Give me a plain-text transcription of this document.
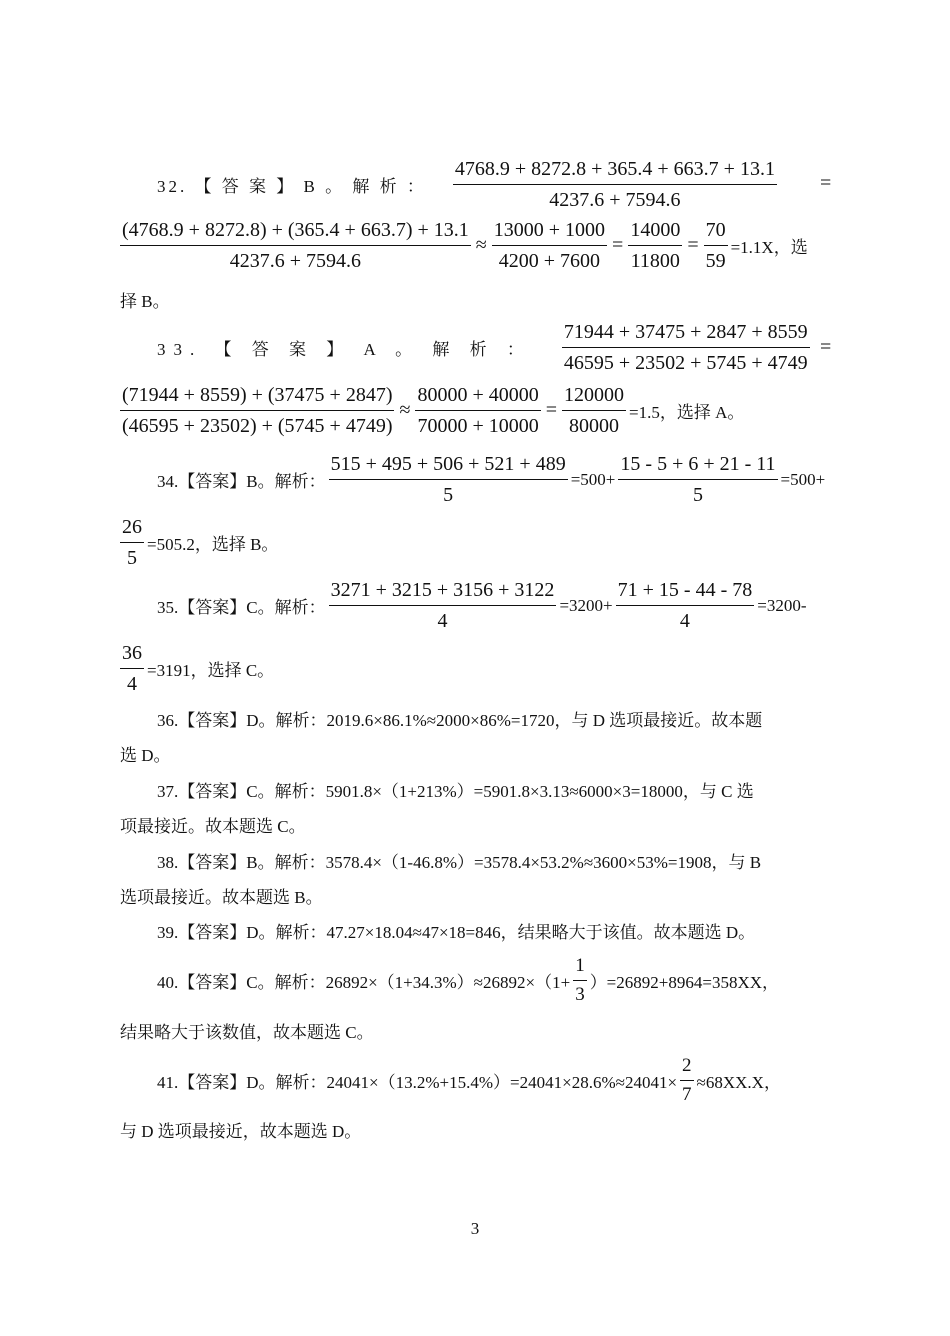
32. 【 答 案 】 B 。 解 析 ： $\frac{4768.9 + 8272.8 + 365.4 + 663.7 + 13.1}{4237.6 + 7594.6}$ =
$\frac{(4768.9 + 8272.8) + (365.4 + 663.7) + 13.1}{4237.6 + 7594.6} \approx \frac{13000 + 1000}{4200 + 7600} = \frac{14000}{11800} = \frac{70}{59} =1.1X$，选
择 B。
33. 【 答 案 】 A 。 解 析 ： $\frac{71944 + 37475 + 2847 + 8559}{46595 + 23502 + 5745 + 4749}$ =
$\frac{(71944 + 8559) + (37475 + 2847)}{(46595 + 23502) + (5745 + 4749)} \approx \frac{80000 + 40000}{70000 + 10000} = \frac{120000}{80000} =1.5$，选择 A。
34.【答案】B。解析： $\frac{515 + 495 + 506 + 521 + 489}{5} =500+ \frac{15 - 5 + 6 + 21 - 11}{5} =500+$
$\frac{26}{5} =505.2$，选择 B。
35.【答案】C。解析： $\frac{3271 + 3215 + 3156 + 3122}{4} =3200+ \frac{71 + 15 - 44 - 78}{4} =3200-$
$\frac{36}{4} =3191$，选择 C。
36.【答案】D。解析：2019.6×86.1%≈2000×86%=1720，与 D 选项最接近。故本题
选 D。
37.【答案】C。解析：5901.8×（1+213%）=5901.8×3.13≈6000×3=18000，与 C 选
项最接近。故本题选 C。
38.【答案】B。解析：3578.4×（1-46.8%）=3578.4×53.2%≈3600×53%=1908，与 B
选项最接近。故本题选 B。
39.【答案】D。解析：47.27×18.04≈47×18=846，结果略大于该值。故本题选 D。
40.【答案】C。解析：$26892\times(1+34.3\%)\approx 26892\times(1+ \frac{1}{3} )=26892+8964=358XX$，
结果略大于该数值，故本题选 C。
41.【答案】D。解析：$24041\times(13.2\%+15.4\%)=24041\times 28.6\%\approx 24041\times \frac{2}{7} \approx 68XX.X$，
与 D 选项最接近，故本题选 D。
3
